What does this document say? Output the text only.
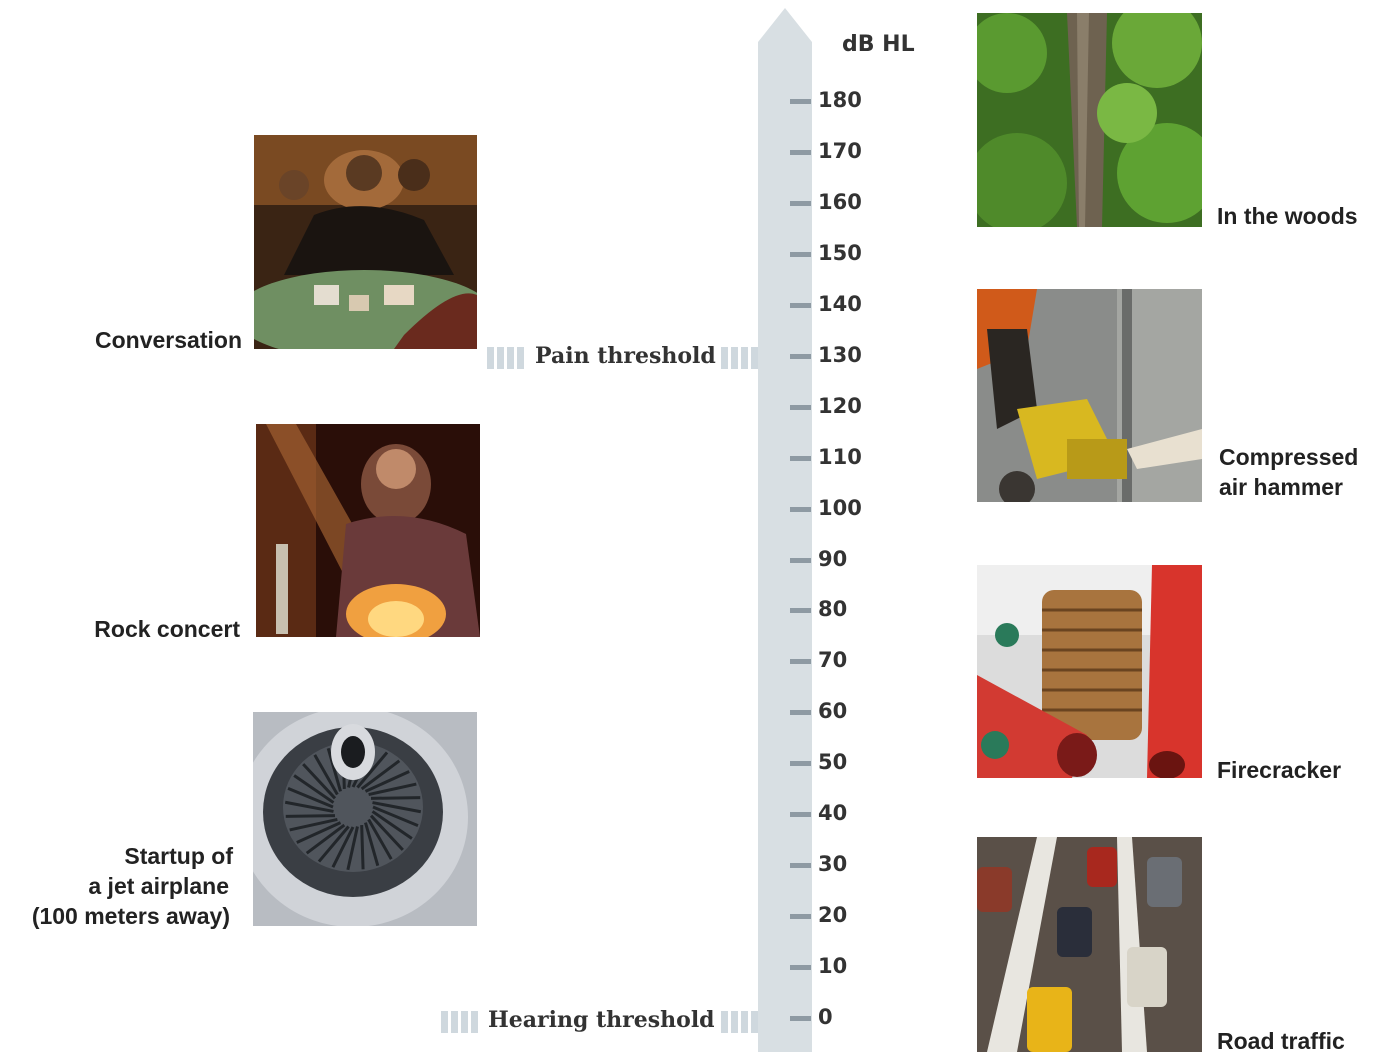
dB HL
180
170
160
150
140
130
120
110
100
90
80
70
60
50
40
30
20
10
0
Pain threshold
Hearing threshold
Conversation
Rock concert
Startup of
a jet airplane
(100 meters away)
In the woods
Compressed
air hammer
Firecracker
Road traffic
